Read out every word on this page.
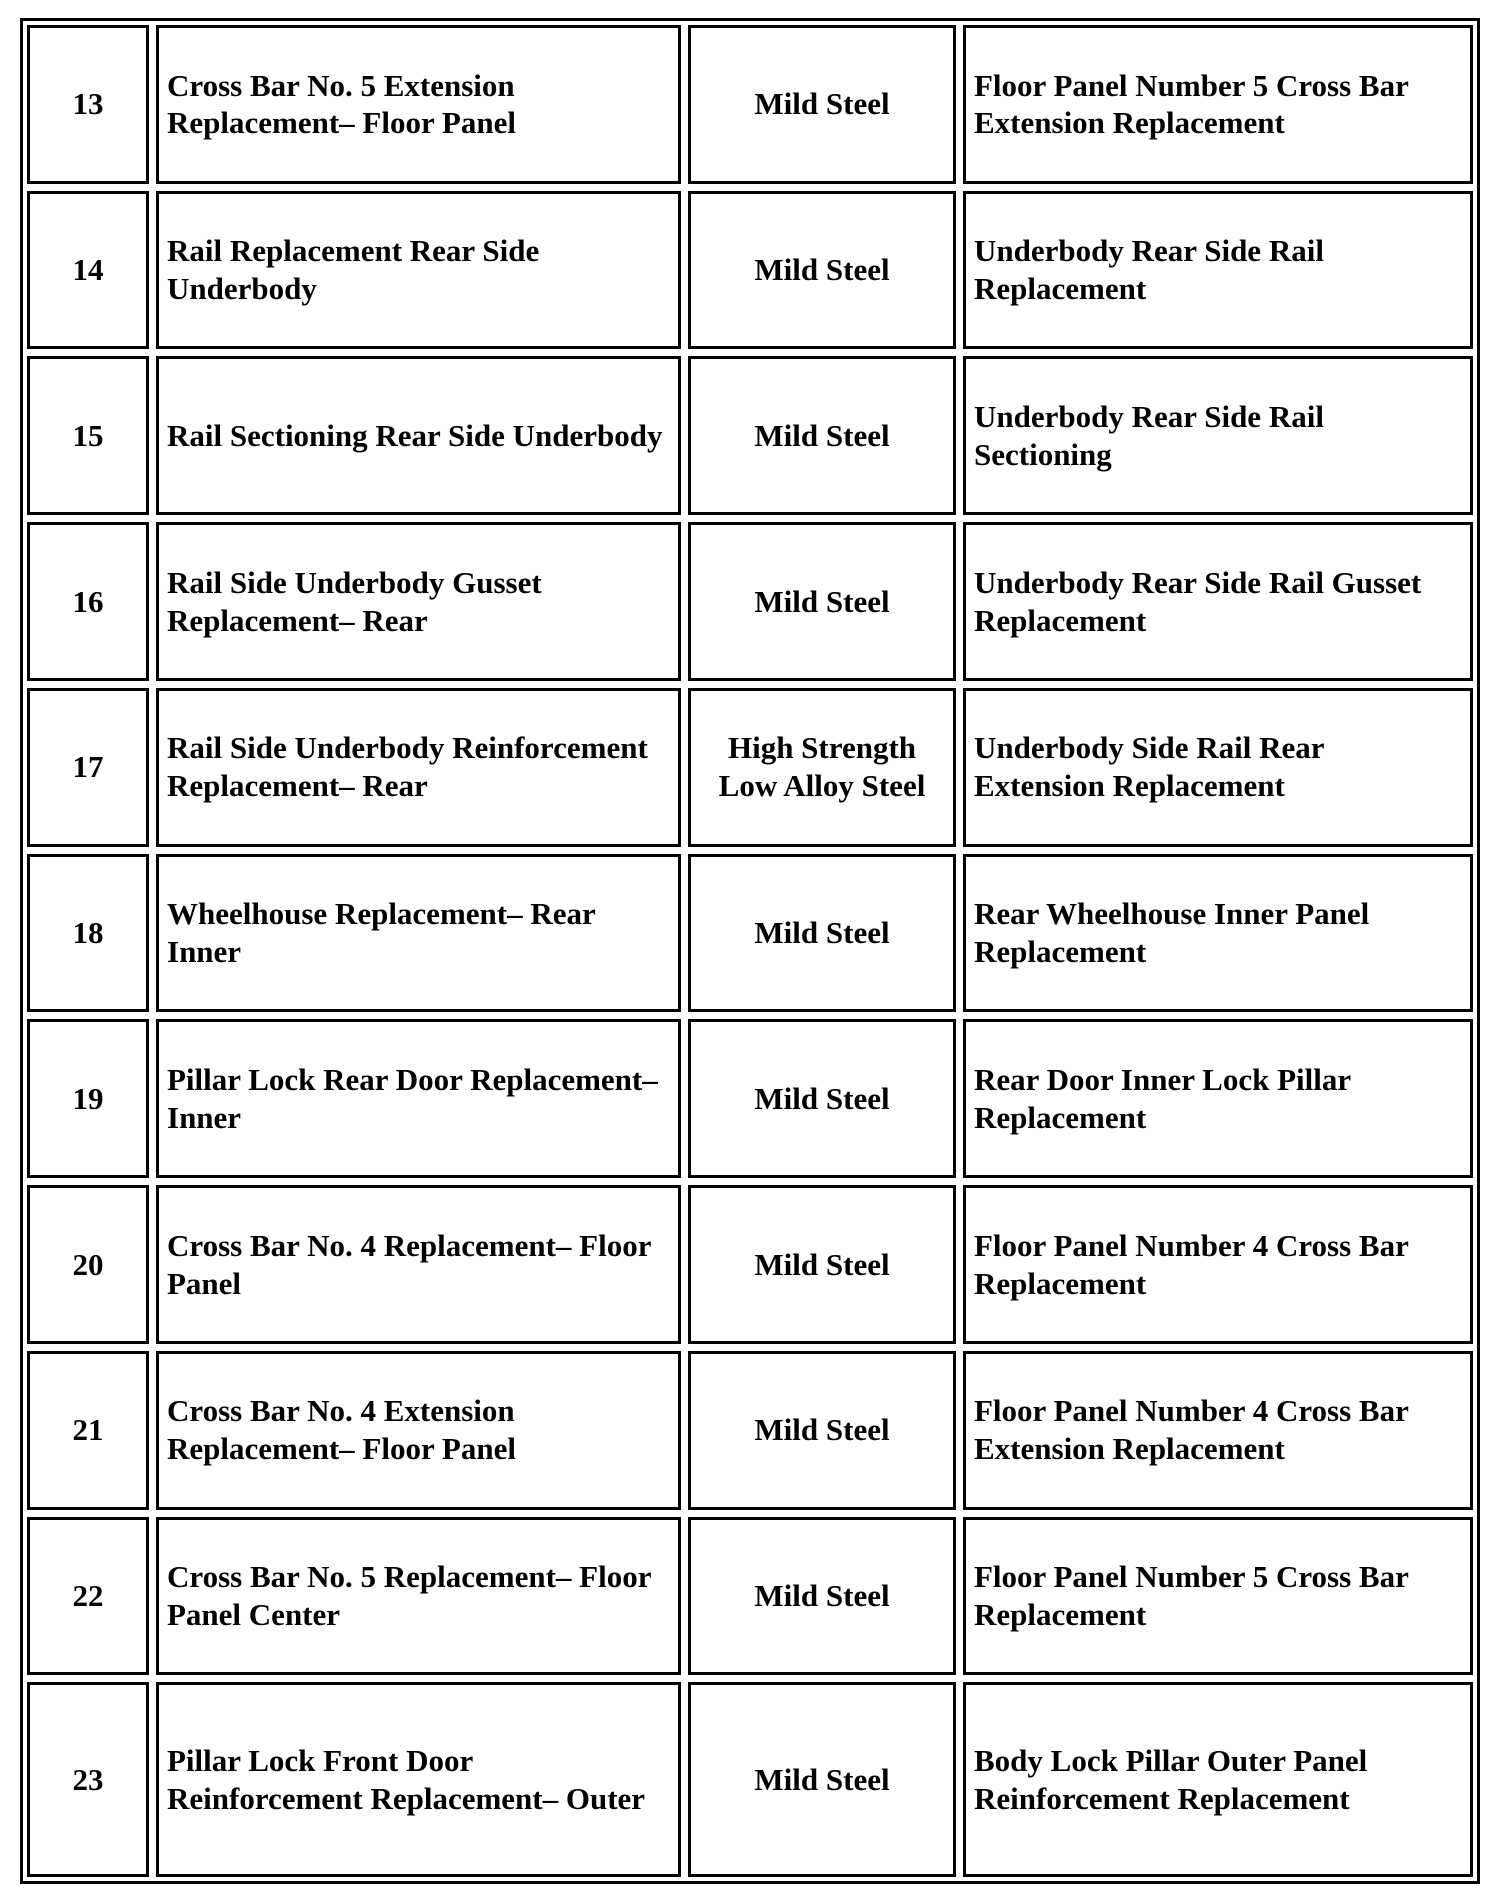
13	Cross Bar No. 5 Extension Replacement– Floor Panel	Mild Steel	Floor Panel Number 5 Cross Bar Extension Replacement
14	Rail Replacement Rear Side Underbody	Mild Steel	Underbody Rear Side Rail Replacement
15	Rail Sectioning Rear Side Underbody	Mild Steel	Underbody Rear Side Rail Sectioning
16	Rail Side Underbody Gusset Replacement– Rear	Mild Steel	Underbody Rear Side Rail Gusset Replacement
17	Rail Side Underbody Reinforcement Replacement– Rear	High Strength Low Alloy Steel	Underbody Side Rail Rear Extension Replacement
18	Wheelhouse Replacement– Rear Inner	Mild Steel	Rear Wheelhouse Inner Panel Replacement
19	Pillar Lock Rear Door Replacement– Inner	Mild Steel	Rear Door Inner Lock Pillar Replacement
20	Cross Bar No. 4 Replacement– Floor Panel	Mild Steel	Floor Panel Number 4 Cross Bar Replacement
21	Cross Bar No. 4 Extension Replacement– Floor Panel	Mild Steel	Floor Panel Number 4 Cross Bar Extension Replacement
22	Cross Bar No. 5 Replacement– Floor Panel Center	Mild Steel	Floor Panel Number 5 Cross Bar Replacement
23	Pillar Lock Front Door Reinforcement Replacement– Outer	Mild Steel	Body Lock Pillar Outer Panel Reinforcement Replacement
